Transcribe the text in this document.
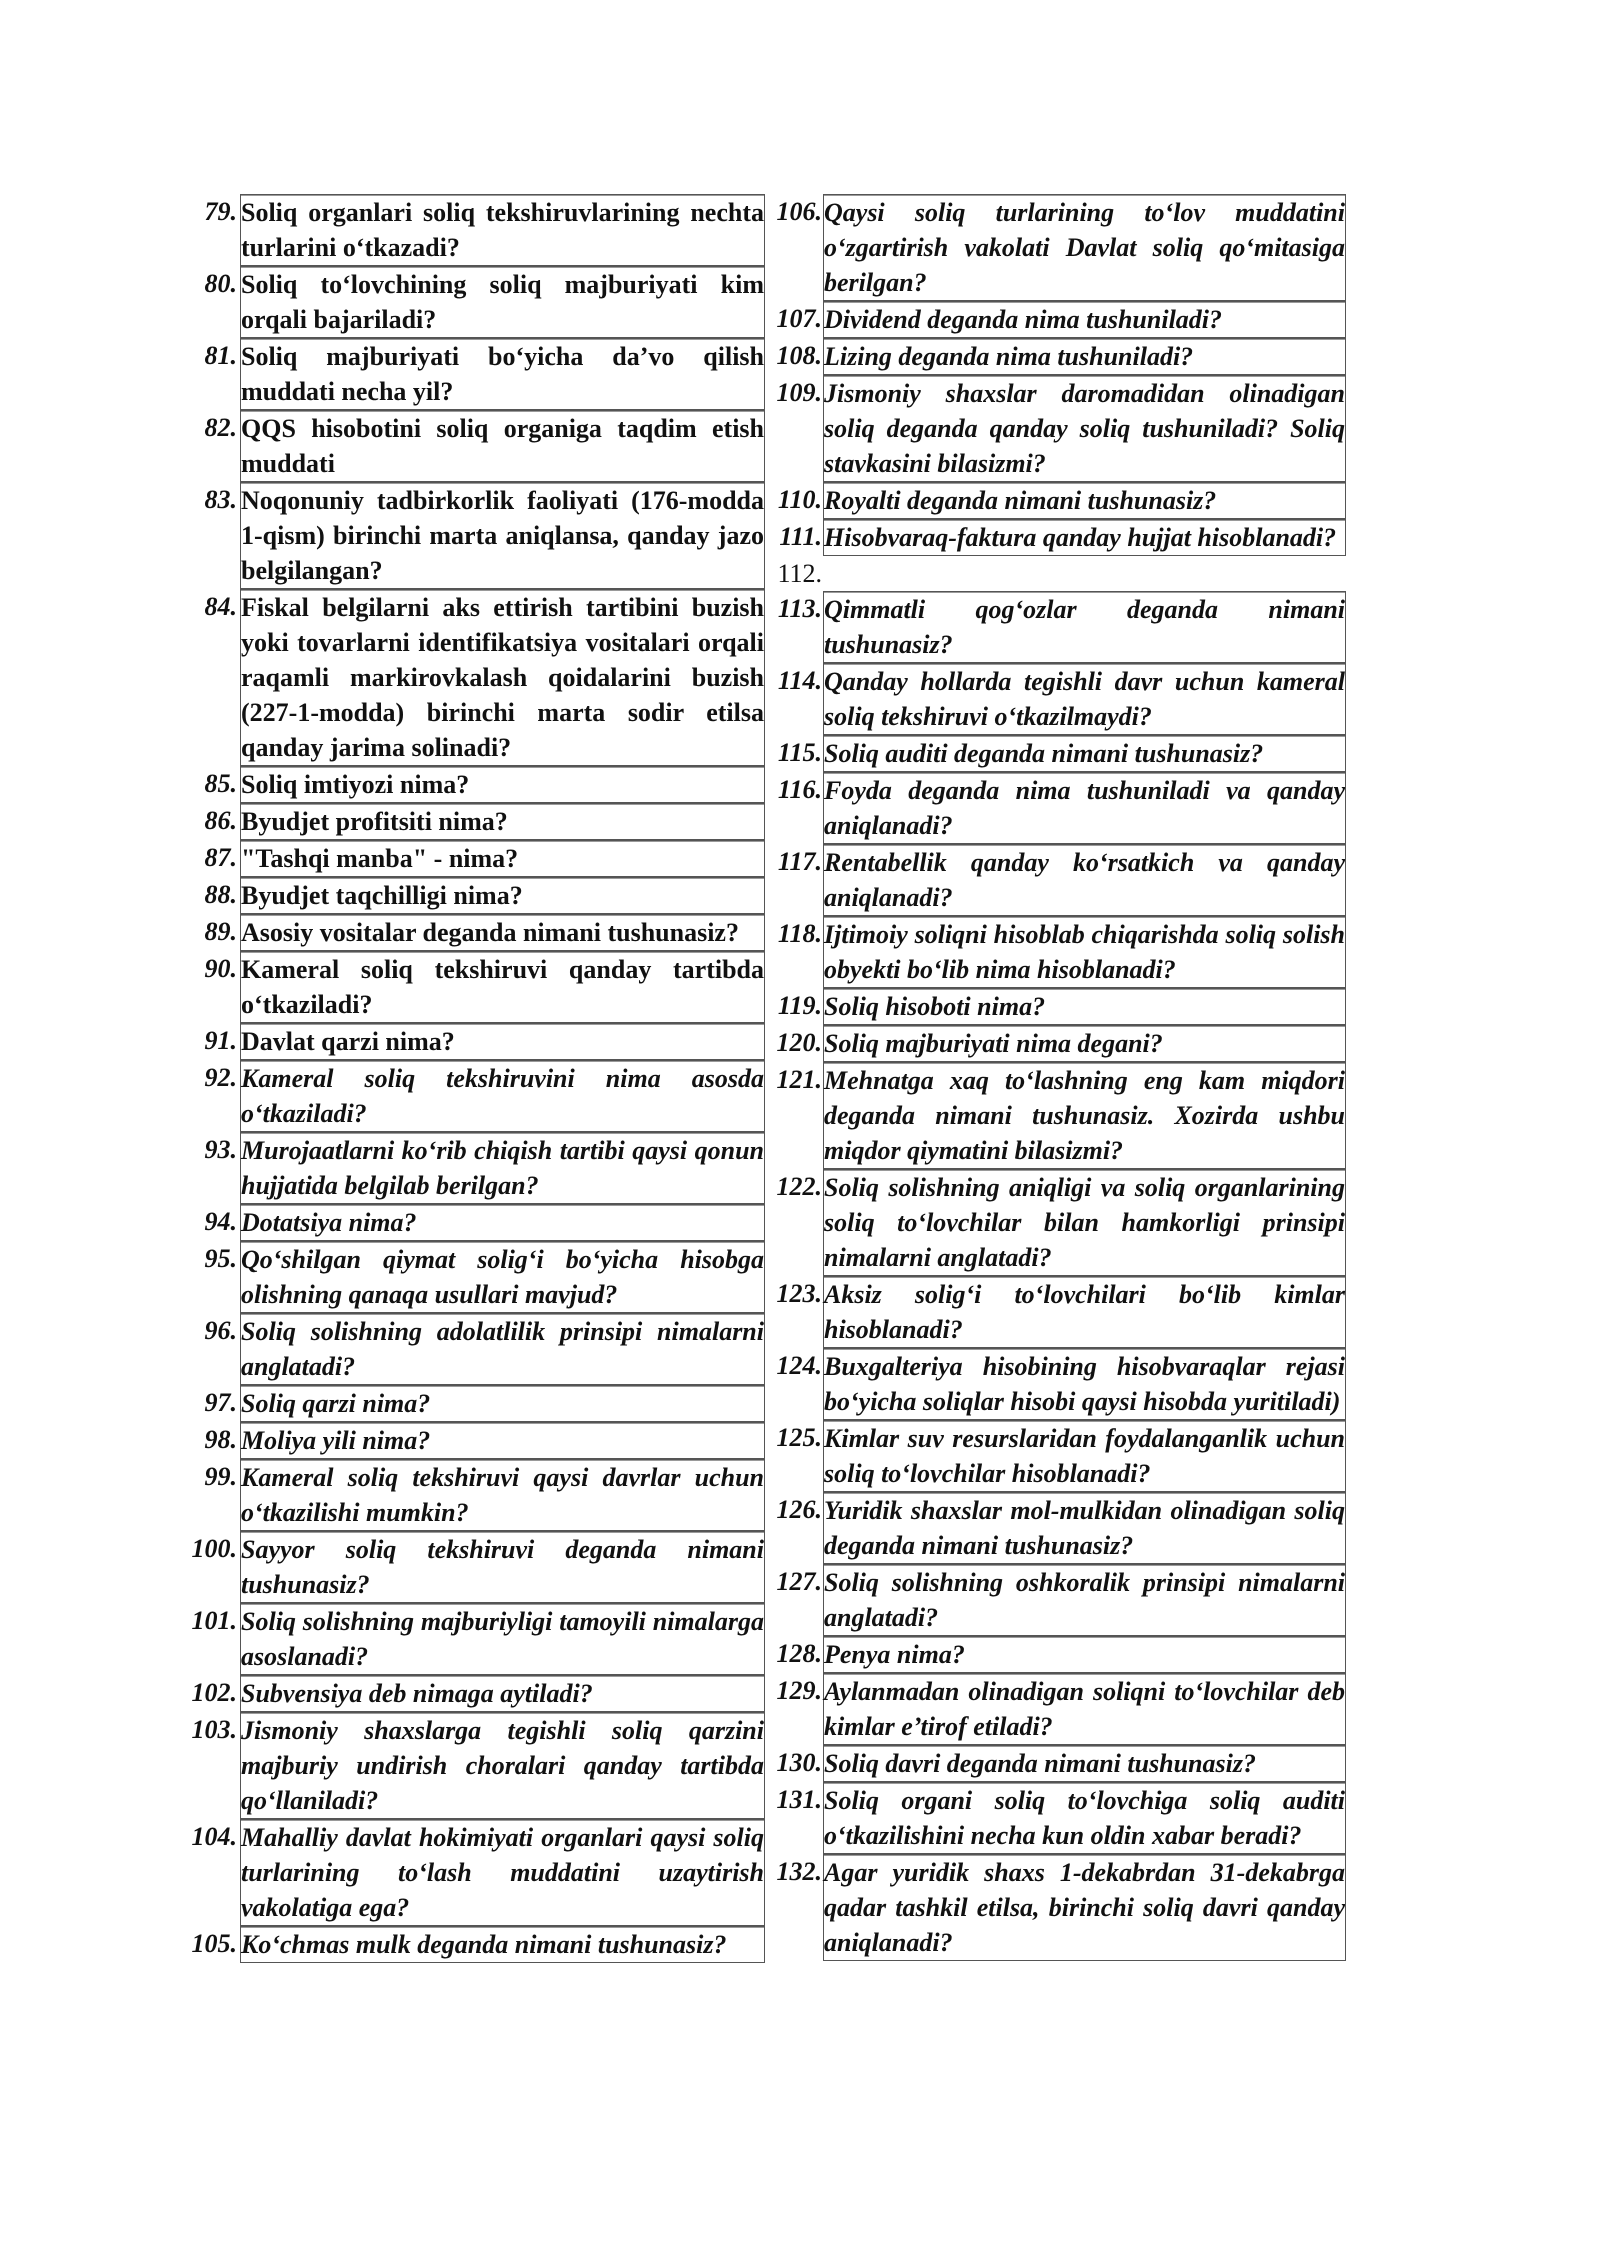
79. Soliq organlari soliq tekshiruvlarining nechta turlarini o‘tkazadi?
80. Soliq to‘lovchining soliq majburiyati kim orqali bajariladi?
81. Soliq majburiyati bo‘yicha da’vo qilish muddati necha yil?
82. QQS hisobotini soliq organiga taqdim etish muddati
83. Noqonuniy tadbirkorlik faoliyati (176-modda 1-qism) birinchi marta aniqlansa, qanday jazo belgilangan?
84. Fiskal belgilarni aks ettirish tartibini buzish yoki tovarlarni identifikatsiya vositalari orqali raqamli markirovkalash qoidalarini buzish (227-1-modda) birinchi marta sodir etilsa qanday jarima solinadi?
85. Soliq imtiyozi nima?
86. Byudjet profitsiti nima?
87. "Tashqi manba" - nima?
88. Byudjet taqchilligi nima?
89. Asosiy vositalar deganda nimani tushunasiz?
90. Kameral soliq tekshiruvi qanday tartibda o‘tkaziladi?
91. Davlat qarzi nima?
92. Kameral soliq tekshiruvini nima asosda o‘tkaziladi?
93. Murojaatlarni ko‘rib chiqish tartibi qaysi qonun hujjatida belgilab berilgan?
94. Dotatsiya nima?
95. Qo‘shilgan qiymat solig‘i bo‘yicha hisobga olishning qanaqa usullari mavjud?
96. Soliq solishning adolatlilik prinsipi nimalarni anglatadi?
97. Soliq qarzi nima?
98. Moliya yili nima?
99. Kameral soliq tekshiruvi qaysi davrlar uchun o‘tkazilishi mumkin?
100. Sayyor soliq tekshiruvi deganda nimani tushunasiz?
101. Soliq solishning majburiyligi tamoyili nimalarga asoslanadi?
102. Subvensiya deb nimaga aytiladi?
103. Jismoniy shaxslarga tegishli soliq qarzini majburiy undirish choralari qanday tartibda qo‘llaniladi?
104. Mahalliy davlat hokimiyati organlari qaysi soliq turlarining to‘lash muddatini uzaytirish vakolatiga ega?
105. Ko‘chmas mulk deganda nimani tushunasiz?
106. Qaysi soliq turlarining to‘lov muddatini o‘zgartirish vakolati Davlat soliq qo‘mitasiga berilgan?
107. Dividend deganda nima tushuniladi?
108. Lizing deganda nima tushuniladi?
109. Jismoniy shaxslar daromadidan olinadigan soliq deganda qanday soliq tushuniladi? Soliq stavkasini bilasizmi?
110. Royalti deganda nimani tushunasiz?
111. Hisobvaraq-faktura qanday hujjat hisoblanadi?
112.
113. Qimmatli qog‘ozlar deganda nimani tushunasiz?
114. Qanday hollarda tegishli davr uchun kameral soliq tekshiruvi o‘tkazilmaydi?
115. Soliq auditi deganda nimani tushunasiz?
116. Foyda deganda nima tushuniladi va qanday aniqlanadi?
117. Rentabellik qanday ko‘rsatkich va qanday aniqlanadi?
118. Ijtimoiy soliqni hisoblab chiqarishda soliq solish obyekti bo‘lib nima hisoblanadi?
119. Soliq hisoboti nima?
120. Soliq majburiyati nima degani?
121. Mehnatga xaq to‘lashning eng kam miqdori deganda nimani tushunasiz. Xozirda ushbu miqdor qiymatini bilasizmi?
122. Soliq solishning aniqligi va soliq organlarining soliq to‘lovchilar bilan hamkorligi prinsipi nimalarni anglatadi?
123. Aksiz solig‘i to‘lovchilari bo‘lib kimlar hisoblanadi?
124. Buxgalteriya hisobining hisobvaraqlar rejasi bo‘yicha soliqlar hisobi qaysi hisobda yuritiladi)
125. Kimlar suv resurslaridan foydalanganlik uchun soliq to‘lovchilar hisoblanadi?
126. Yuridik shaxslar mol-mulkidan olinadigan soliq deganda nimani tushunasiz?
127. Soliq solishning oshkoralik prinsipi nimalarni anglatadi?
128. Penya nima?
129. Aylanmadan olinadigan soliqni to‘lovchilar deb kimlar e’tirof etiladi?
130. Soliq davri deganda nimani tushunasiz?
131. Soliq organi soliq to‘lovchiga soliq auditi o‘tkazilishini necha kun oldin xabar beradi?
132. Agar yuridik shaxs 1-dekabrdan 31-dekabrga qadar tashkil etilsa, birinchi soliq davri qanday aniqlanadi?
